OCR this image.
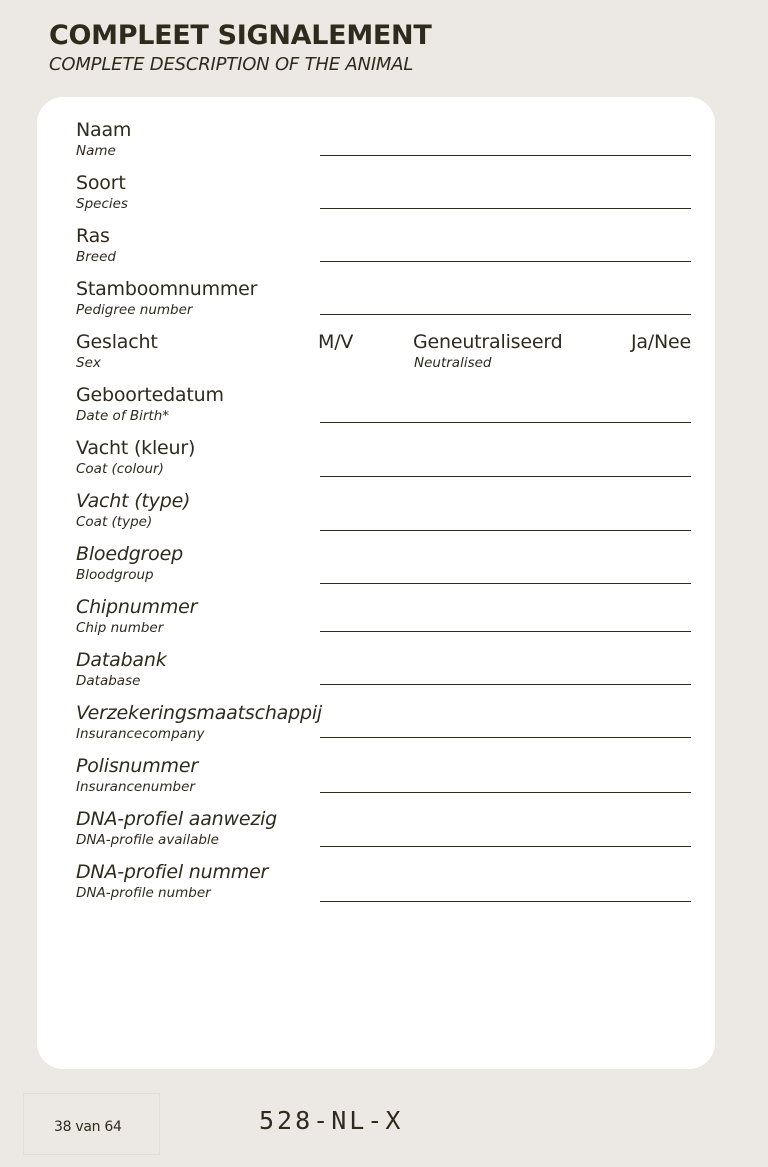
COMPLEET SIGNALEMENT
COMPLETE DESCRIPTION OF THE ANIMAL
Naam
Name
Soort
Species
Ras
Breed
Stamboomnummer
Pedigree number
Geslacht
Sex
M/V	Geneutraliseerd
Neutralised
Ja/Nee
Geboortedatum
Date of Birth*
Vacht (kleur)
Coat (colour)
Vacht (type)
Coat (type)
Bloedgroep
Bloodgroup
Chipnummer
Chip number
Databank
Database
Verzekeringsmaatschappij
Insurancecompany
Polisnummer
Insurancenumber
DNA-profiel aanwezig
DNA-profile available
DNA-profiel nummer
DNA-profile number
38 van 64	528-NL-X
